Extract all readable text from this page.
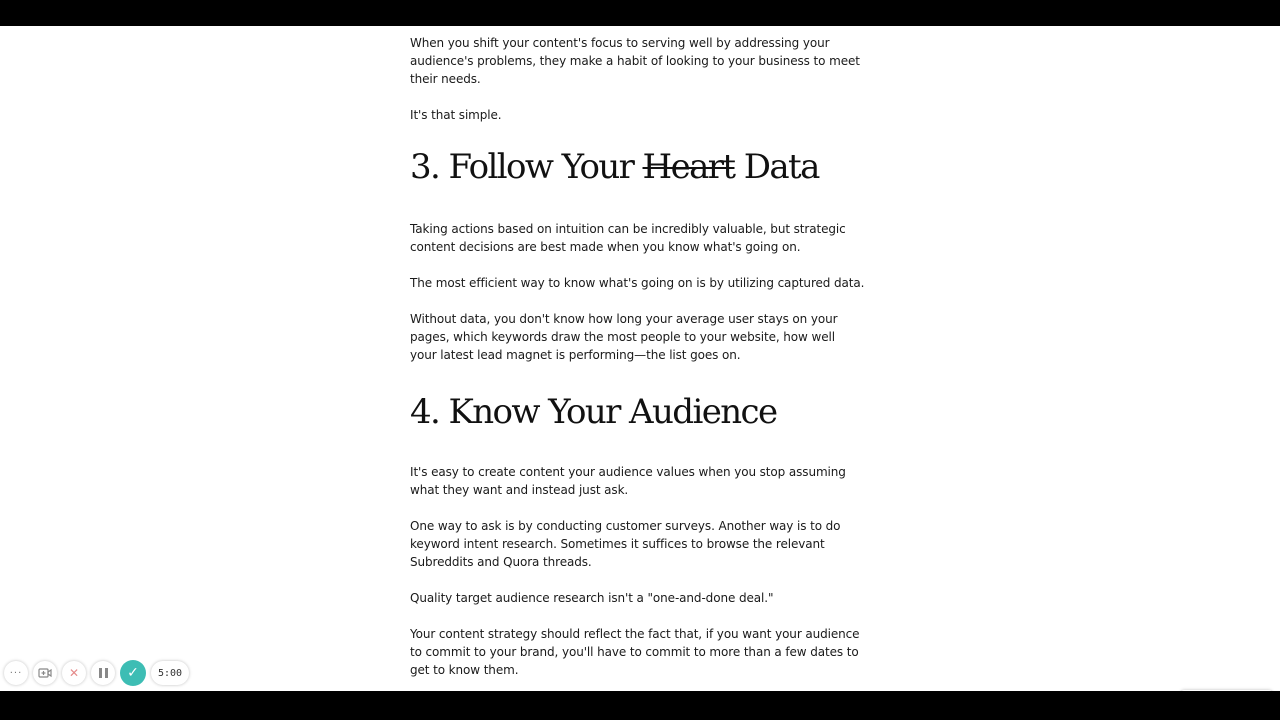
When you shift your content's focus to serving well by addressing your audience's problems, they make a habit of looking to your business to meet their needs.

It's that simple.

3. Follow Your Heart Data

Taking actions based on intuition can be incredibly valuable, but strategic content decisions are best made when you know what's going on.

The most efficient way to know what's going on is by utilizing captured data.

Without data, you don't know how long your average user stays on your pages, which keywords draw the most people to your website, how well your latest lead magnet is performing—the list goes on.

4. Know Your Audience

It's easy to create content your audience values when you stop assuming what they want and instead just ask.

One way to ask is by conducting customer surveys. Another way is to do keyword intent research. Sometimes it suffices to browse the relevant Subreddits and Quora threads.

Quality target audience research isn't a "one-and-done deal."

Your content strategy should reflect the fact that, if you want your audience to commit to your brand, you'll have to commit to more than a few dates to get to know them.

···	✕	✓	5:00
